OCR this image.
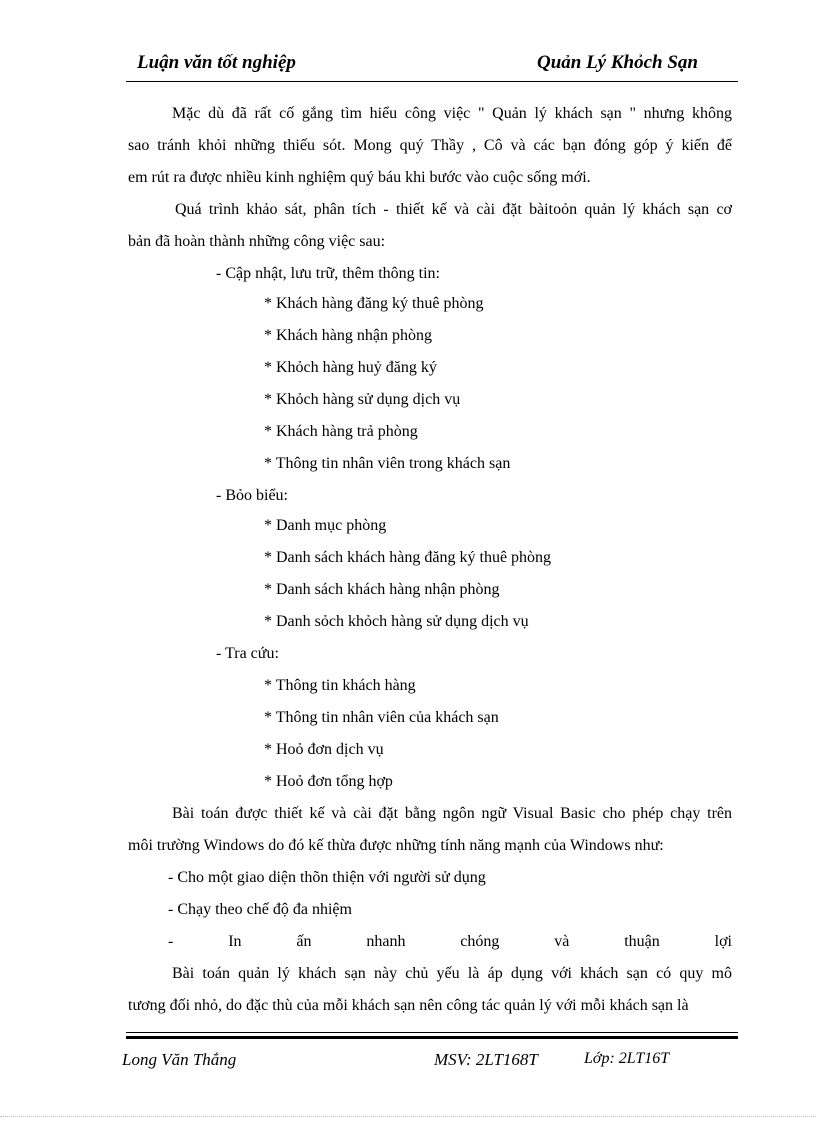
Luận văn tốt nghiệp	Quản Lý Khỏch Sạn
Mặc dù đã rất cố gắng tìm hiểu công việc " Quản lý khách sạn " nhưng không
sao tránh khỏi những thiếu sót. Mong quý Thầy , Cô và các bạn đóng góp ý kiến để
em rút ra được nhiều kinh nghiệm quý báu khi bước vào cuộc sống mới.
Quá trình khảo sát, phân tích - thiết kế và cài đặt bàitoỏn quản lý khách sạn cơ
bản đã hoàn thành những công việc sau:
- Cập nhật, lưu trữ, thêm thông tin:
* Khách hàng đăng ký thuê phòng
* Khách hàng nhận phòng
* Khỏch hàng huỷ đăng ký
* Khỏch hàng sử dụng dịch vụ
* Khách hàng trả phòng
* Thông tin nhân viên trong khách sạn
- Bỏo biểu:
* Danh mục phòng
* Danh sách khách hàng đăng ký thuê phòng
* Danh sách khách hàng nhận phòng
* Danh sỏch khỏch hàng sử dụng dịch vụ
- Tra cứu:
* Thông tin khách hàng
* Thông tin nhân viên của khách sạn
* Hoỏ đơn dịch vụ
* Hoỏ đơn tổng hợp
Bài toán được thiết kế và cài đặt bằng ngôn ngữ Visual Basic cho phép chạy trên
môi trường Windows do đó kế thừa được những tính năng mạnh của Windows như:
- Cho một giao diện thõn thiện với người sử dụng
- Chạy theo chế độ đa nhiệm
- In ấn nhanh chóng và thuận lợi
Bài toán quản lý khách sạn này chủ yếu là áp dụng với khách sạn có quy mô
tương đối nhỏ, do đặc thù của mỗi khách sạn nên công tác quản lý với mỗi khách sạn là
Long Văn Thắng	MSV: 2LT168T	Lớp: 2LT16T
